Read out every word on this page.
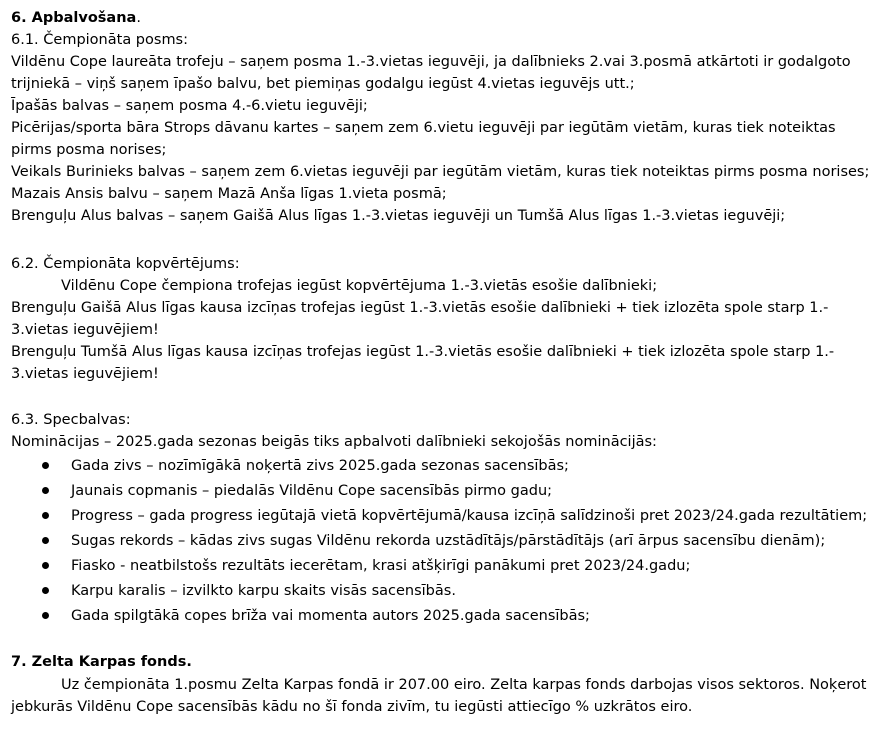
6. Apbalvošana.
6.1. Čempionāta posms:
Vildēnu Cope laureāta trofeju – saņem posma 1.-3.vietas ieguvēji, ja dalībnieks 2.vai 3.posmā atkārtoti ir godalgoto
trijniekā – viņš saņem īpašo balvu, bet piemiņas godalgu iegūst 4.vietas ieguvējs utt.;
Īpašās balvas – saņem posma 4.-6.vietu ieguvēji;
Picērijas/sporta bāra Strops dāvanu kartes – saņem zem 6.vietu ieguvēji par iegūtām vietām, kuras tiek noteiktas
pirms posma norises;
Veikals Burinieks balvas – saņem zem 6.vietas ieguvēji par iegūtām vietām, kuras tiek noteiktas pirms posma norises;
Mazais Ansis balvu – saņem Mazā Anša līgas 1.vieta posmā;
Brenguļu Alus balvas – saņem Gaišā Alus līgas 1.-3.vietas ieguvēji un Tumšā Alus līgas 1.-3.vietas ieguvēji;
6.2. Čempionāta kopvērtējums:
Vildēnu Cope čempiona trofejas iegūst kopvērtējuma 1.-3.vietās esošie dalībnieki;
Brenguļu Gaišā Alus līgas kausa izcīņas trofejas iegūst 1.-3.vietās esošie dalībnieki + tiek izlozēta spole starp 1.-
3.vietas ieguvējiem!
Brenguļu Tumšā Alus līgas kausa izcīņas trofejas iegūst 1.-3.vietās esošie dalībnieki + tiek izlozēta spole starp 1.-
3.vietas ieguvējiem!
6.3. Specbalvas:
Nominācijas – 2025.gada sezonas beigās tiks apbalvoti dalībnieki sekojošās nominācijās:
Gada zivs – nozīmīgākā noķertā zivs 2025.gada sezonas sacensībās;
Jaunais copmanis – piedalās Vildēnu Cope sacensībās pirmo gadu;
Progress – gada progress iegūtajā vietā kopvērtējumā/kausa izcīņā salīdzinoši pret 2023/24.gada rezultātiem;
Sugas rekords – kādas zivs sugas Vildēnu rekorda uzstādītājs/pārstādītājs (arī ārpus sacensību dienām);
Fiasko - neatbilstošs rezultāts iecerētam, krasi atšķirīgi panākumi pret 2023/24.gadu;
Karpu karalis – izvilkto karpu skaits visās sacensībās.
Gada spilgtākā copes brīža vai momenta autors 2025.gada sacensībās;
7. Zelta Karpas fonds.
Uz čempionāta 1.posmu Zelta Karpas fondā ir 207.00 eiro. Zelta karpas fonds darbojas visos sektoros. Noķerot
jebkurās Vildēnu Cope sacensībās kādu no šī fonda zivīm, tu iegūsti attiecīgo % uzkrātos eiro.
